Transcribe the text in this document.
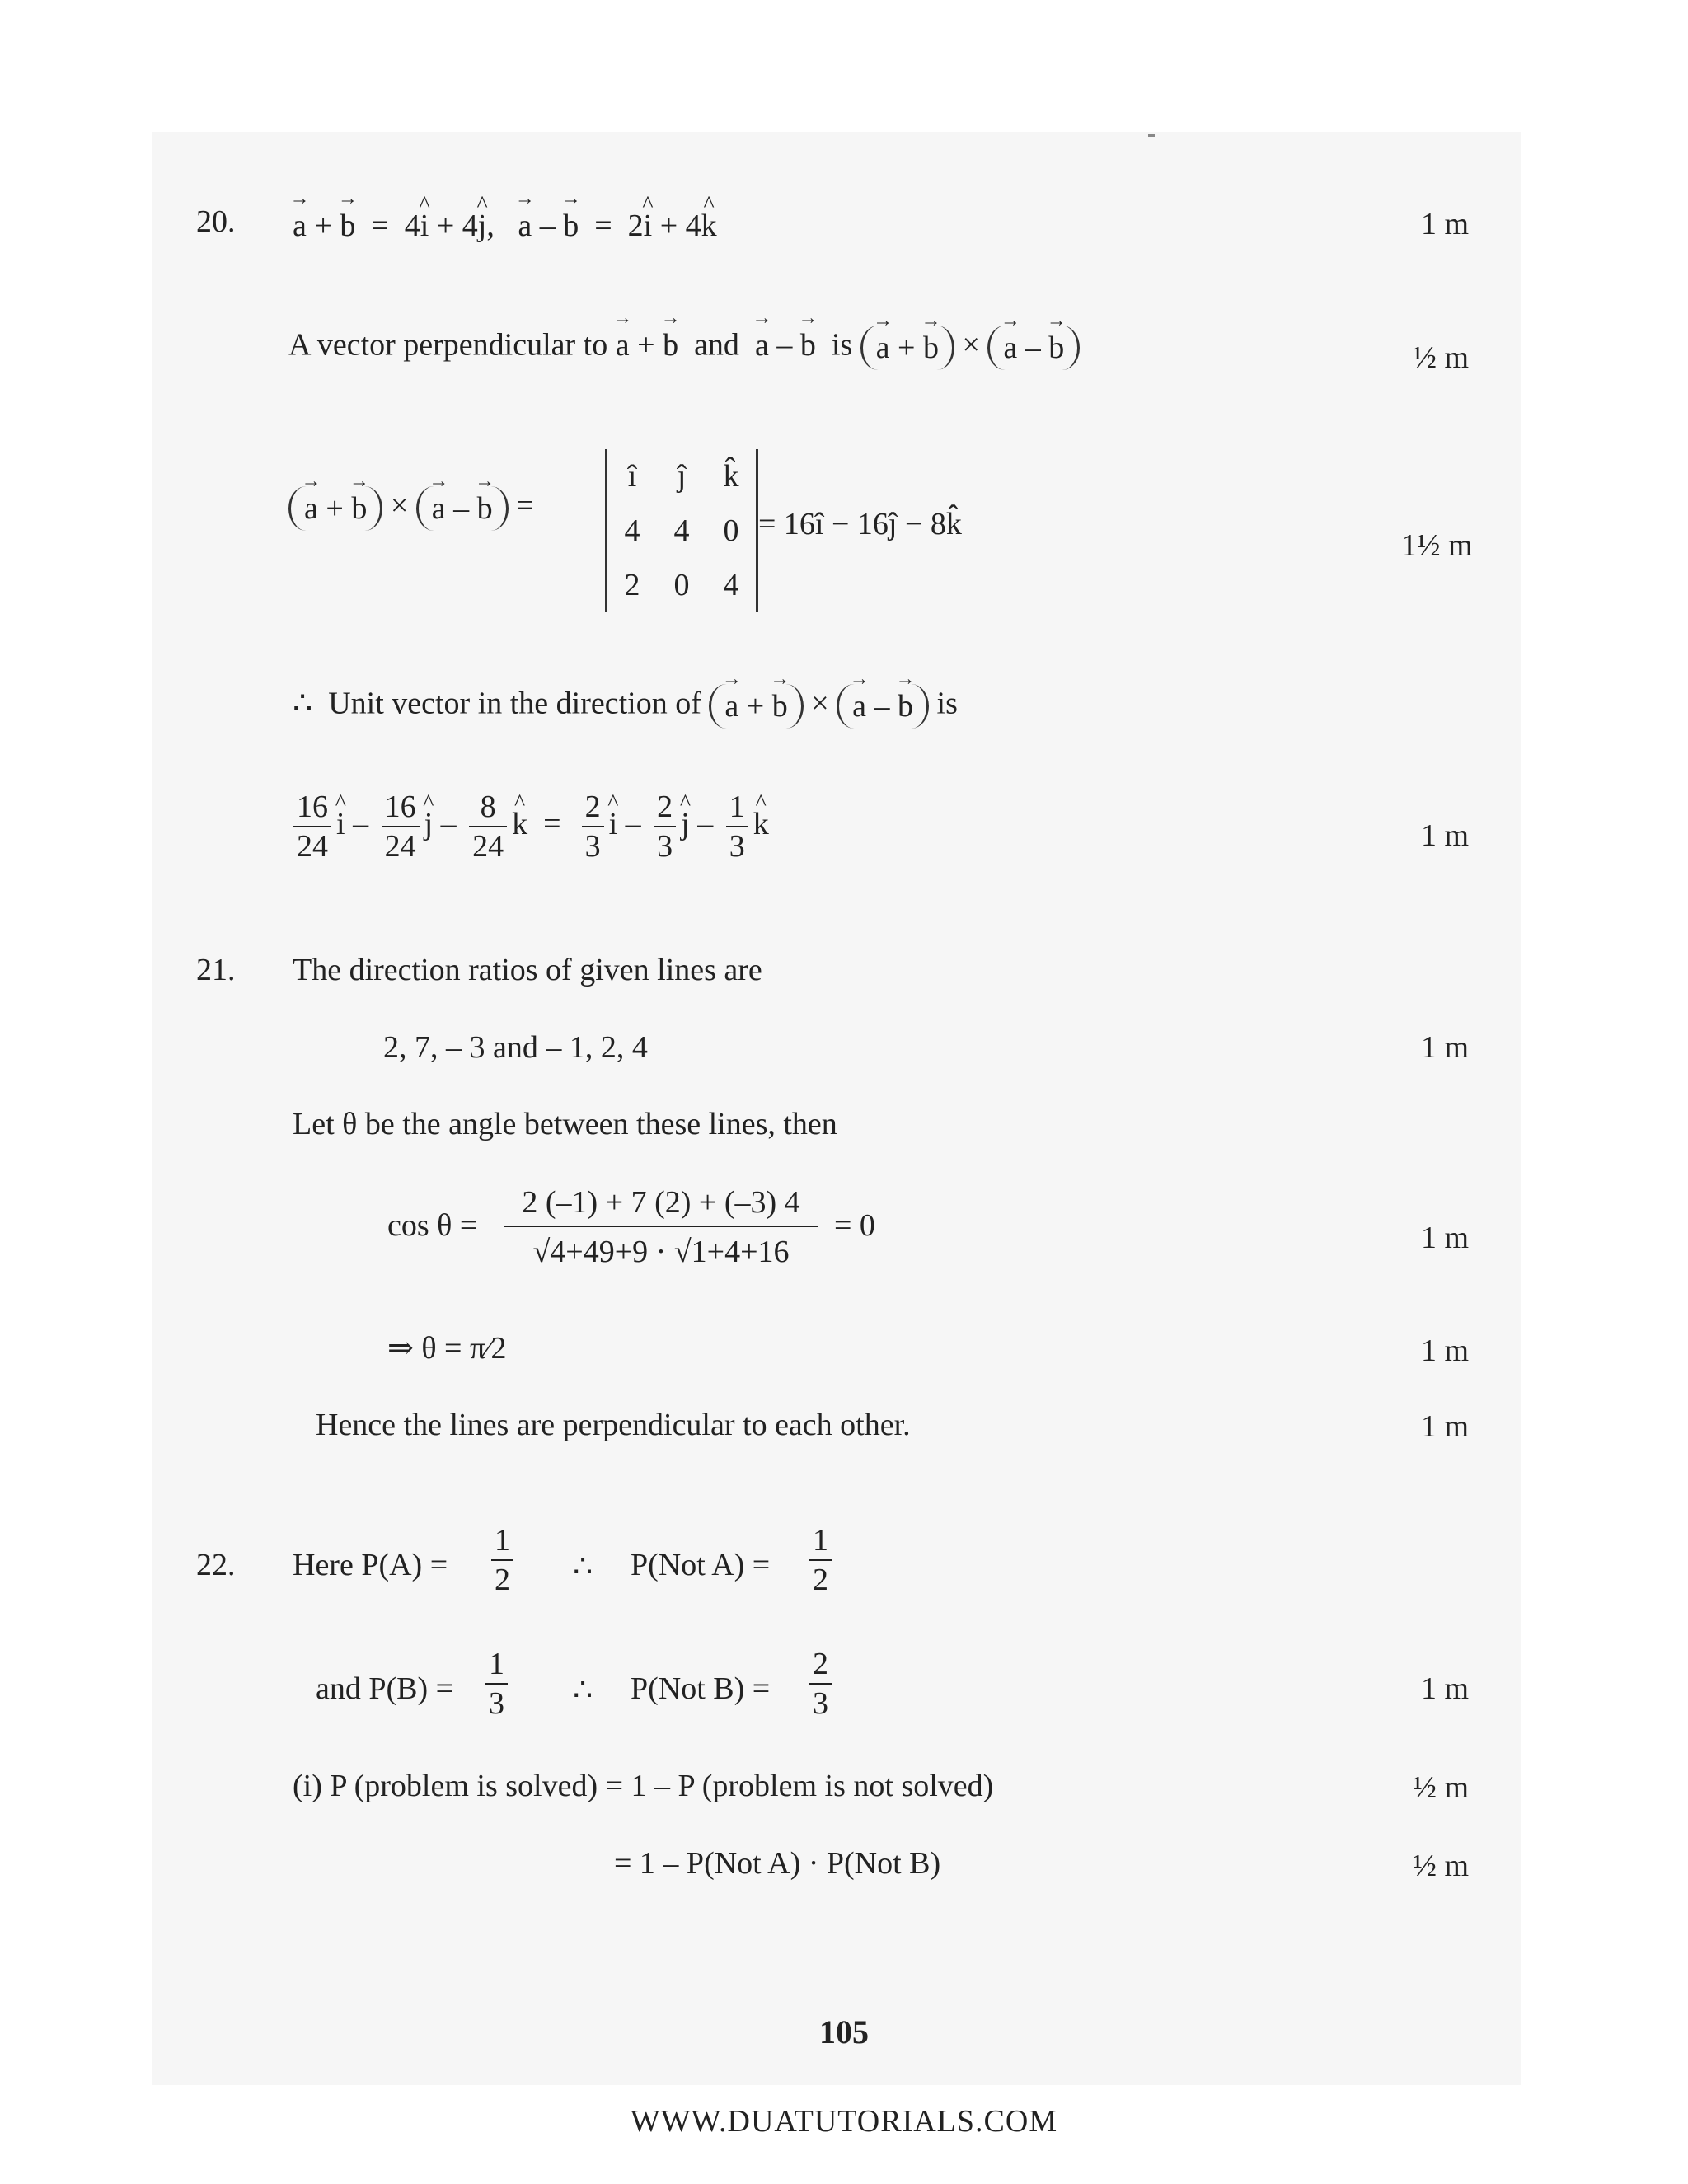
20. → a + → b  =  4^ i + 4^ j,   → a – → b  =  2^ i + 4^ k	1 m
A vector perpendicular to → a + → b and → a – → b is → a + → b × → a – → b	½ m
→ a + → b × → a – → b =
î	ĵ	k̂
4	4	0
2	0	4
= 16î − 16ĵ − 8k̂
1½ m
∴ Unit vector in the direction of → a + → b × → a – → b is
$\frac{16}{24}$ ^ i – $\frac{16}{24}$ ^ j – $\frac{8}{24}$ ^ $k = \frac{2}{3}$ ^ i – $\frac{2}{3}$ ^ j – $\frac{1}{3}$ ^ k	1 m
21. The direction ratios of given lines are
2, 7, – 3 and – 1, 2, 4	1 m
Let θ be the angle between these lines, then
cos θ =
2 (–1) + 7 (2) + (–3) 4
√4+49+9 · √1+4+16
= 0	1 m
⇒ θ = π⁄2	1 m
Hence the lines are perpendicular to each other.	1 m
22. Here $P(A) = \frac{1}{2}$ ∴ P(Not $A) = \frac{1}{2}$
and $P(B) = \frac{1}{3}$ ∴ P(Not $B) = \frac{2}{3}$	1 m
(i) P (problem is solved) = 1 – P (problem is not solved)	½ m
= 1 – P(Not A) · P(Not B)	½ m
105
WWW.DUATUTORIALS.COM
